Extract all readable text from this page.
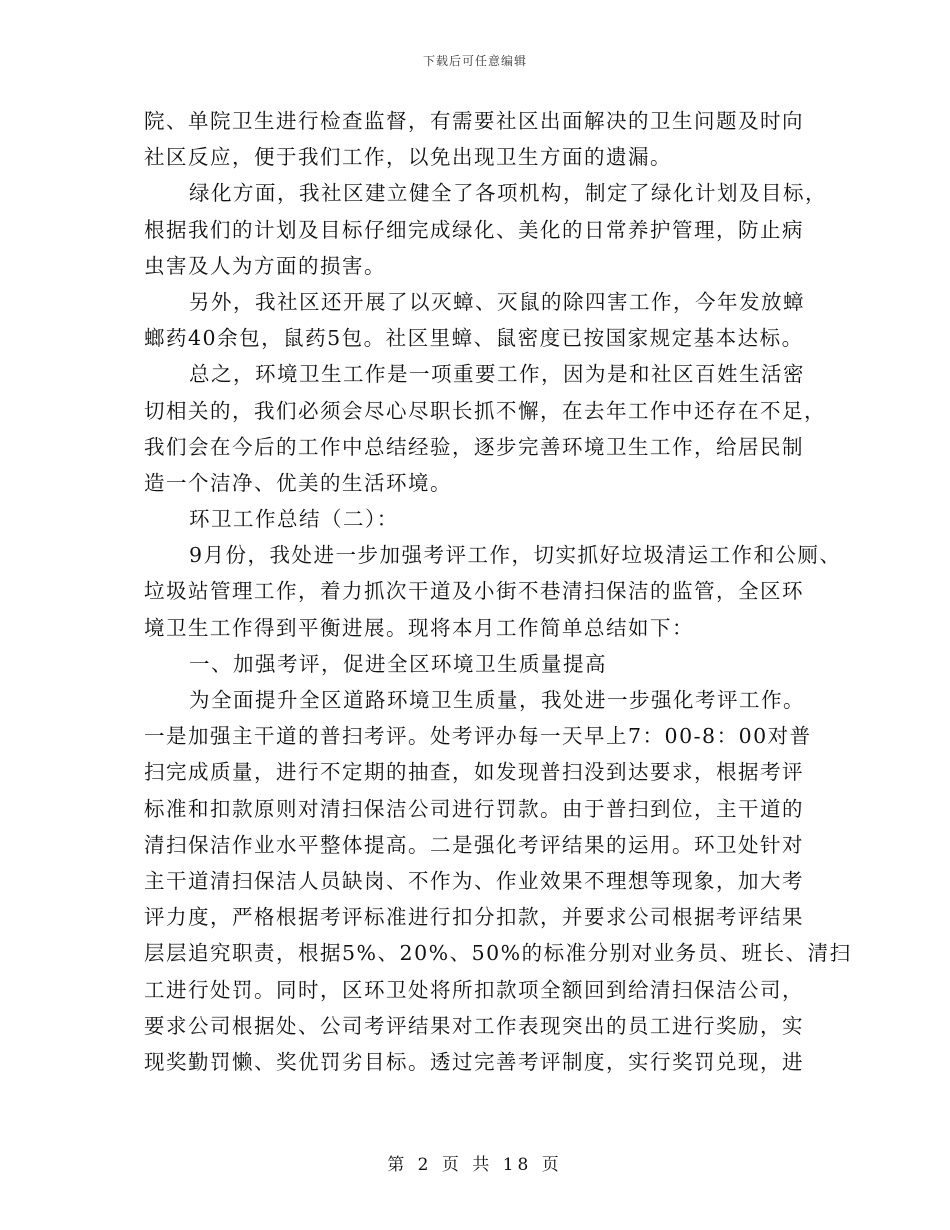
下载后可任意编辑
院、单院卫生进行检查监督，有需要社区出面解决的卫生问题及时向
社区反应，便于我们工作，以免出现卫生方面的遗漏。
绿化方面，我社区建立健全了各项机构，制定了绿化计划及目标，
根据我们的计划及目标仔细完成绿化、美化的日常养护管理，防止病
虫害及人为方面的损害。
另外，我社区还开展了以灭蟑、灭鼠的除四害工作，今年发放蟑
螂药40余包，鼠药5包。社区里蟑、鼠密度已按国家规定基本达标。
总之，环境卫生工作是一项重要工作，因为是和社区百姓生活密
切相关的，我们必须会尽心尽职长抓不懈，在去年工作中还存在不足，
我们会在今后的工作中总结经验，逐步完善环境卫生工作，给居民制
造一个洁净、优美的生活环境。
环卫工作总结（二）：
9月份，我处进一步加强考评工作，切实抓好垃圾清运工作和公厕、
垃圾站管理工作，着力抓次干道及小街不巷清扫保洁的监管，全区环
境卫生工作得到平衡进展。现将本月工作简单总结如下：
一、加强考评，促进全区环境卫生质量提高
为全面提升全区道路环境卫生质量，我处进一步强化考评工作。
一是加强主干道的普扫考评。处考评办每一天早上7：00-8：00对普
扫完成质量，进行不定期的抽查，如发现普扫没到达要求，根据考评
标准和扣款原则对清扫保洁公司进行罚款。由于普扫到位，主干道的
清扫保洁作业水平整体提高。二是强化考评结果的运用。环卫处针对
主干道清扫保洁人员缺岗、不作为、作业效果不理想等现象，加大考
评力度，严格根据考评标准进行扣分扣款，并要求公司根据考评结果
层层追究职责，根据5%、20%、50%的标准分别对业务员、班长、清扫
工进行处罚。同时，区环卫处将所扣款项全额回到给清扫保洁公司，
要求公司根据处、公司考评结果对工作表现突出的员工进行奖励，实
现奖勤罚懒、奖优罚劣目标。透过完善考评制度，实行奖罚兑现，进
第 2 页 共 18 页
